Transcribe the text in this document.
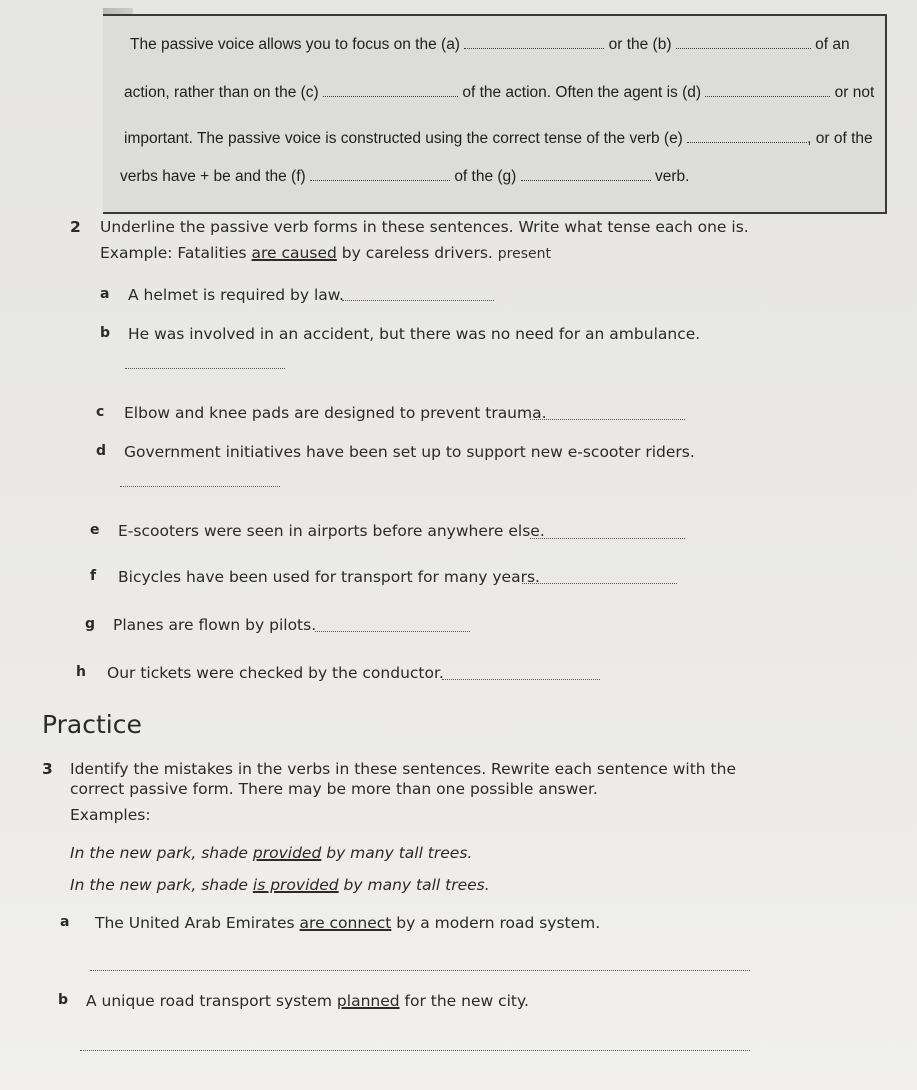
The passive voice allows you to focus on the (a)	or the (b)	of an
action, rather than on the (c)	of the action. Often the agent is (d)	or not
important. The passive voice is constructed using the correct tense of the verb (e)	, or of the
verbs have + be and the (f)	of the (g)	verb.
2 Underline the passive verb forms in these sentences. Write what tense each one is.
Example: Fatalities are caused by careless drivers. present
a A helmet is required by law.
b He was involved in an accident, but there was no need for an ambulance.
c Elbow and knee pads are designed to prevent trauma.
d Government initiatives have been set up to support new e-scooter riders.
e E-scooters were seen in airports before anywhere else.
f Bicycles have been used for transport for many years.
g Planes are flown by pilots.
h Our tickets were checked by the conductor.
Practice
3 Identify the mistakes in the verbs in these sentences. Rewrite each sentence with the
correct passive form. There may be more than one possible answer.
Examples:
In the new park, shade provided by many tall trees.
In the new park, shade is provided by many tall trees.
a The United Arab Emirates are connect by a modern road system.
b A unique road transport system planned for the new city.
